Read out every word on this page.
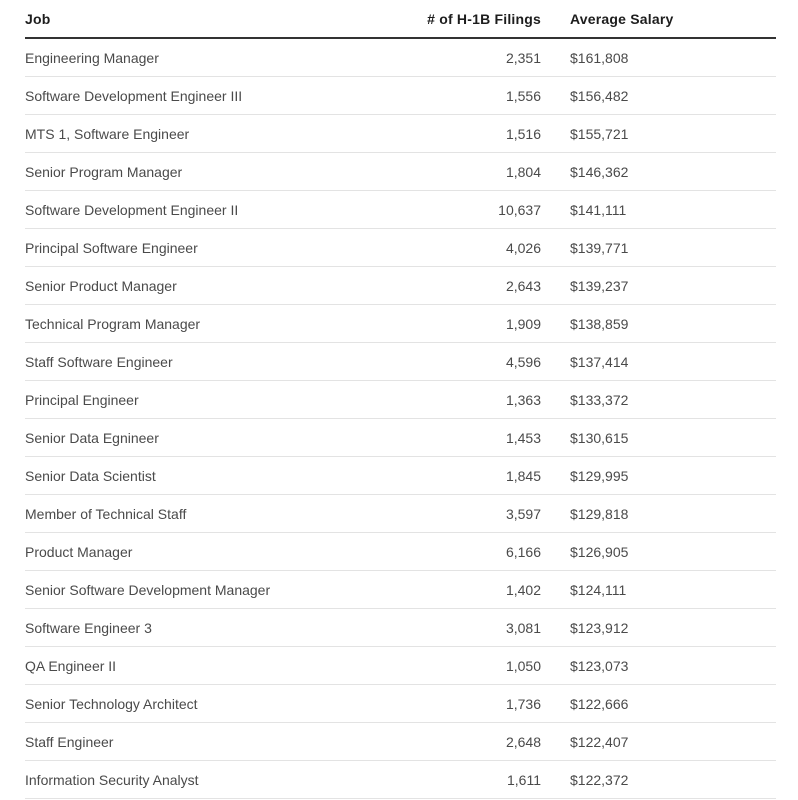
Job	# of H-1B Filings	Average Salary
Engineering Manager	2,351	$161,808
Software Development Engineer III	1,556	$156,482
MTS 1, Software Engineer	1,516	$155,721
Senior Program Manager	1,804	$146,362
Software Development Engineer II	10,637	$141,111
Principal Software Engineer	4,026	$139,771
Senior Product Manager	2,643	$139,237
Technical Program Manager	1,909	$138,859
Staff Software Engineer	4,596	$137,414
Principal Engineer	1,363	$133,372
Senior Data Egnineer	1,453	$130,615
Senior Data Scientist	1,845	$129,995
Member of Technical Staff	3,597	$129,818
Product Manager	6,166	$126,905
Senior Software Development Manager	1,402	$124,111
Software Engineer 3	3,081	$123,912
QA Engineer II	1,050	$123,073
Senior Technology Architect	1,736	$122,666
Staff Engineer	2,648	$122,407
Information Security Analyst	1,611	$122,372
